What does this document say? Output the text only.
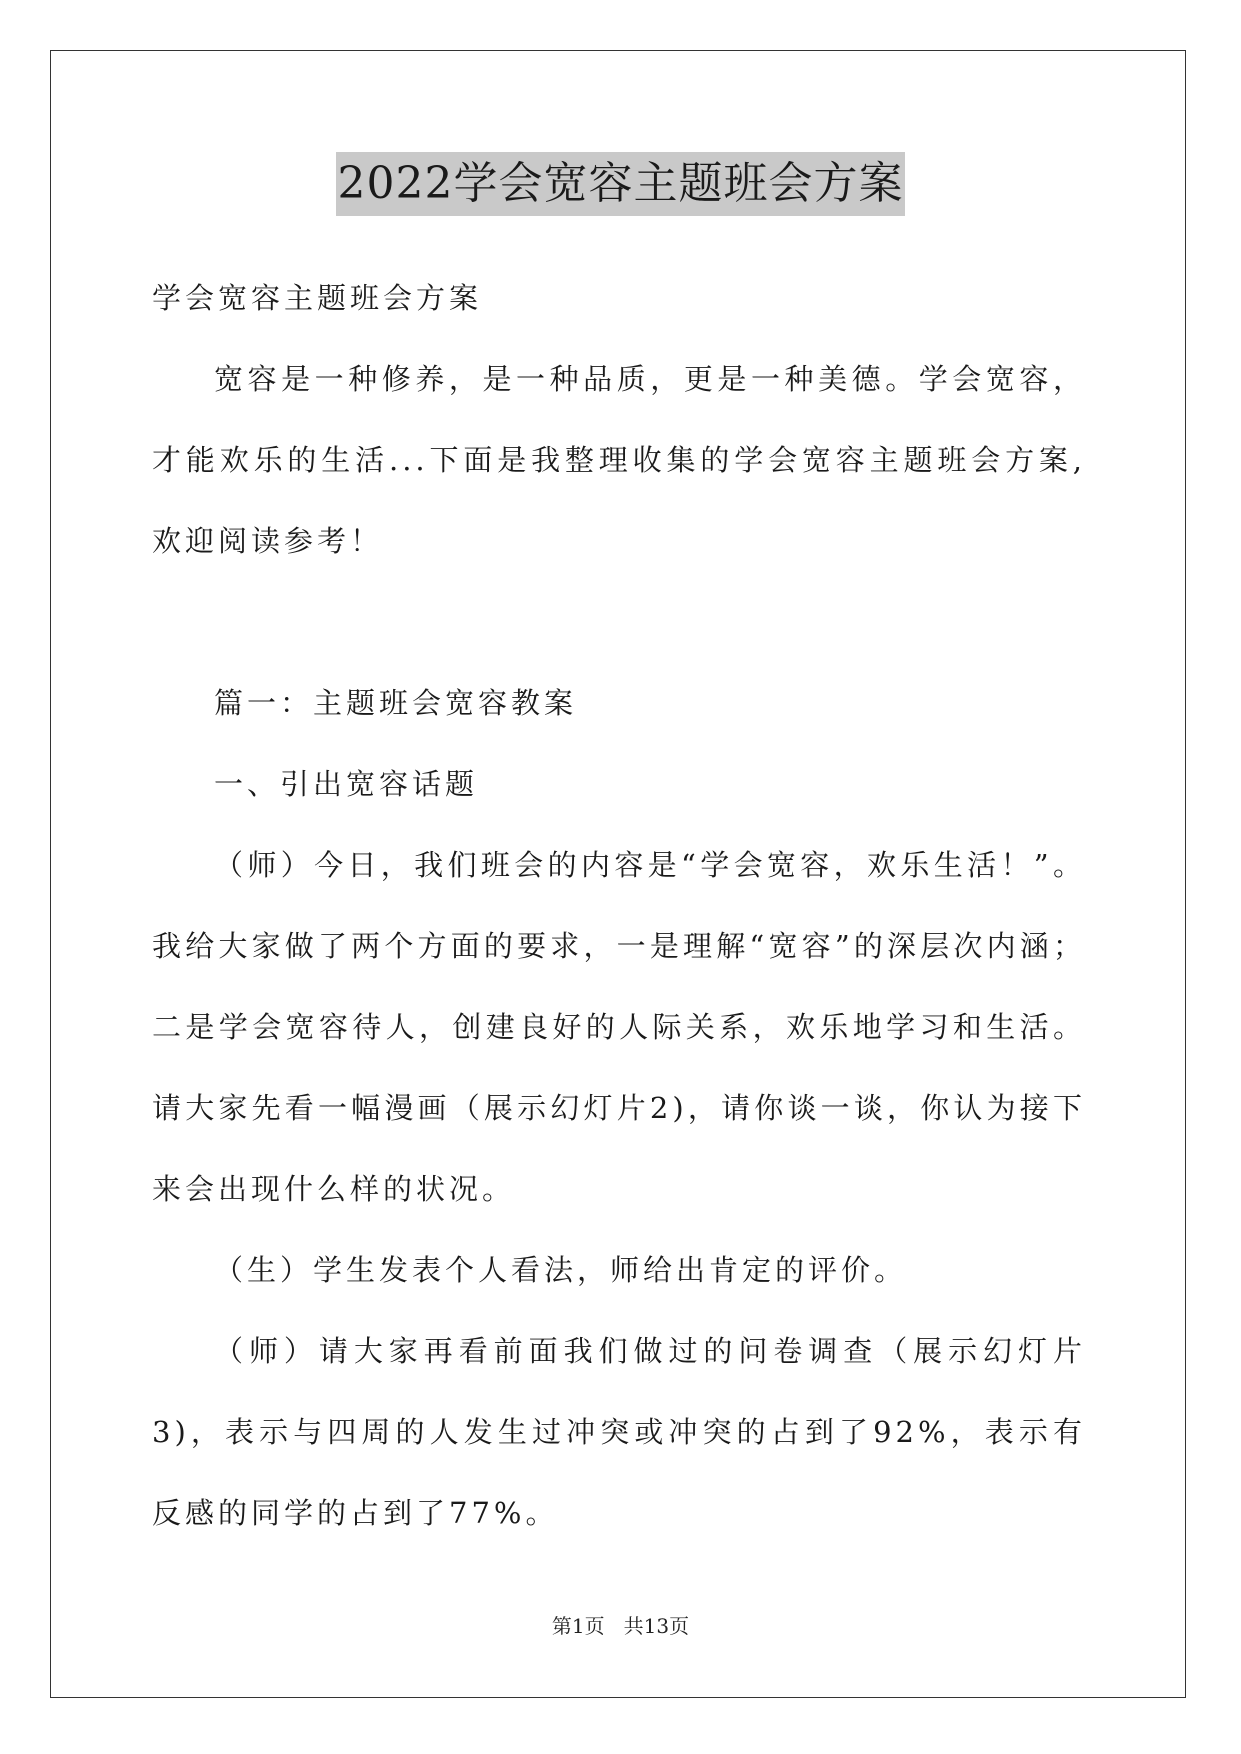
2022学会宽容主题班会方案

学会宽容主题班会方案

宽容是一种修养，是一种品质，更是一种美德。学会宽容，才能欢乐的生活...下面是我整理收集的学会宽容主题班会方案,欢迎阅读参考！

篇一：主题班会宽容教案

一、引出宽容话题

（师）今日，我们班会的内容是“学会宽容，欢乐生活！”。我给大家做了两个方面的要求，一是理解“宽容”的深层次内涵；二是学会宽容待人，创建良好的人际关系，欢乐地学习和生活。请大家先看一幅漫画（展示幻灯片2)，请你谈一谈，你认为接下来会出现什么样的状况。

（生）学生发表个人看法，师给出肯定的评价。

（师）请大家再看前面我们做过的问卷调查（展示幻灯片3)，表示与四周的人发生过冲突或冲突的占到了92%，表示有反感的同学的占到了77%。

第1页 共13页
